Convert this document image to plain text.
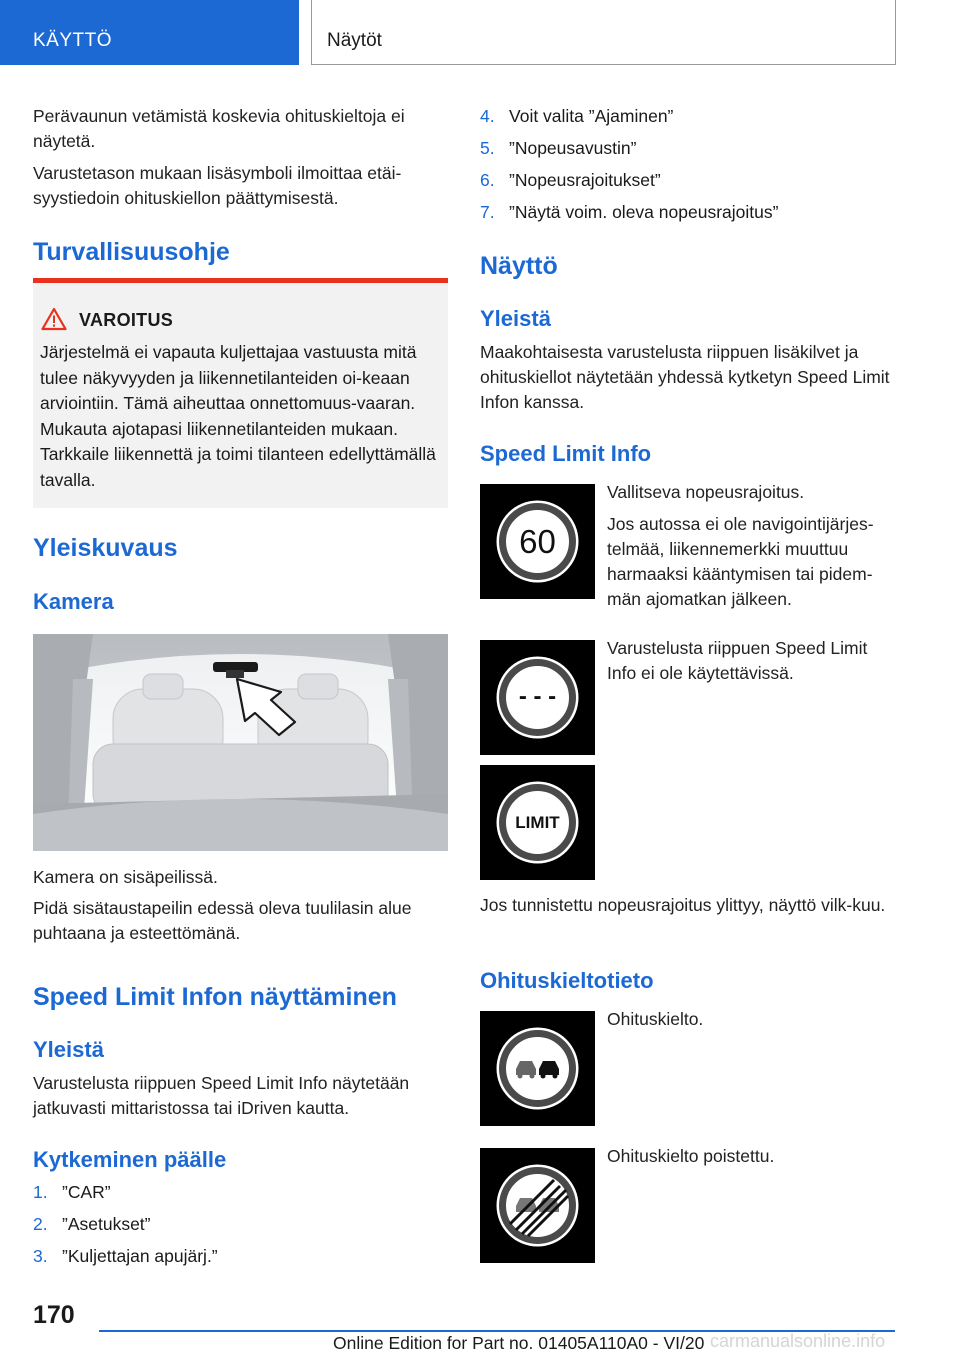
KÄYTTÖ	Näytöt

Perävaunun vetämistä koskevia ohituskieltoja ei näytetä.

Varustetason mukaan lisäsymboli ilmoittaa etäi-syystiedoin ohituskiellon päättymisestä.

Turvallisuusohje
VAROITUS
Järjestelmä ei vapauta kuljettajaa vastuusta mitä tulee näkyvyyden ja liikennetilanteiden oi-keaan arviointiin. Tämä aiheuttaa onnettomuus-vaaran. Mukauta ajotapasi liikennetilanteiden mukaan. Tarkkaile liikennettä ja toimi tilanteen edellyttämällä tavalla.
Yleiskuvaus
Kamera

Kamera on sisäpeilissä.

Pidä sisätaustapeilin edessä oleva tuulilasin alue puhtaana ja esteettömänä.

Speed Limit Infon näyttäminen
Yleistä

Varustelusta riippuen Speed Limit Info näytetään jatkuvasti mittaristossa tai iDriven kautta.

Kytkeminen päälle
1. ”CAR”
2. ”Asetukset”
3. ”Kuljettajan apujärj.”
4. Voit valita ”Ajaminen”
5. ”Nopeusavustin”
6. ”Nopeusrajoitukset”
7. ”Näytä voim. oleva nopeusrajoitus”
Näyttö
Yleistä

Maakohtaisesta varustelusta riippuen lisäkilvet ja ohituskiellot näytetään yhdessä kytketyn Speed Limit Infon kanssa.

Speed Limit Info
60

Vallitseva nopeusrajoitus.

Jos autossa ei ole navigointijärjes-telmää, liikennemerkki muuttuu harmaaksi kääntymisen tai pidem-män ajomatkan jälkeen.

- - -

Varustelusta riippuen Speed Limit Info ei ole käytettävissä.

LIMIT

Jos tunnistettu nopeusrajoitus ylittyy, näyttö vilk-kuu.

Ohituskieltotieto

Ohituskielto.

Ohituskielto poistettu.

170
Online Edition for Part no. 01405A110A0 - VI/20 carmanualsonline.info
